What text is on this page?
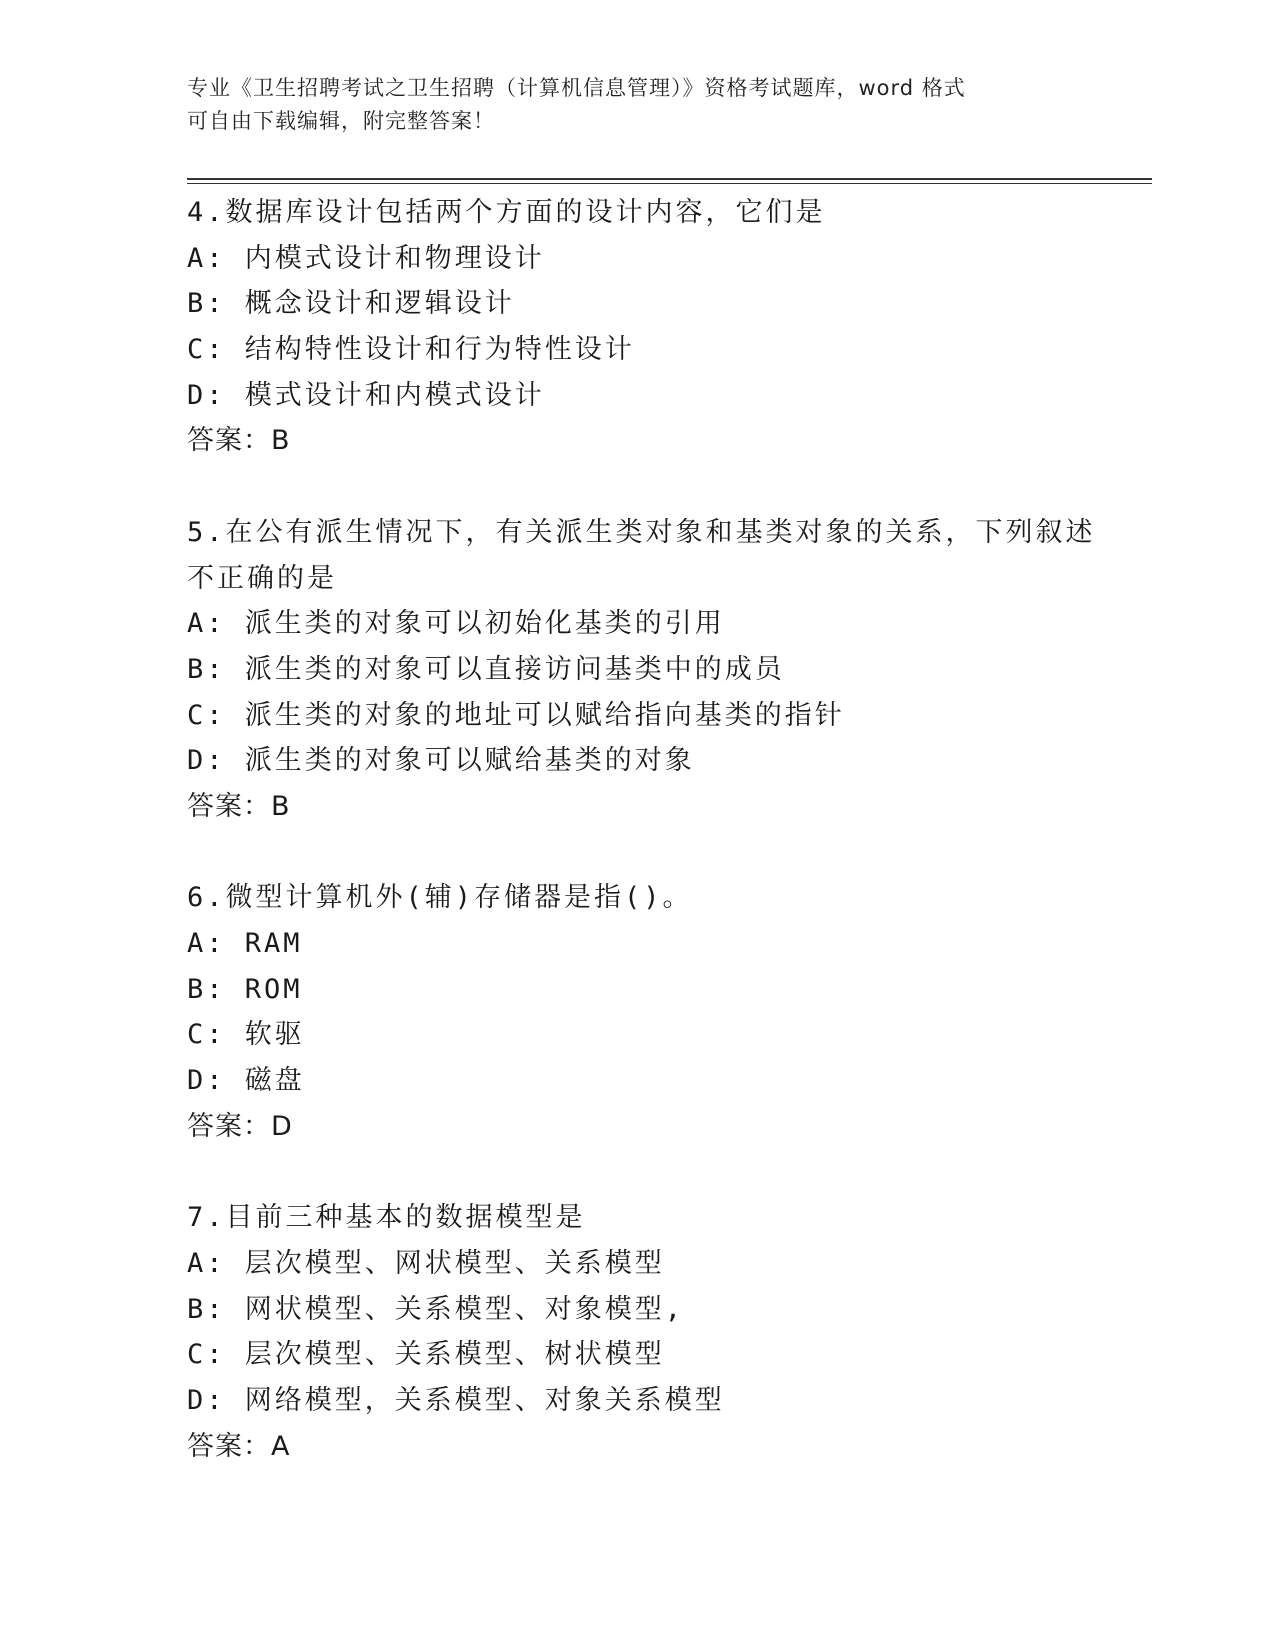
专业《卫生招聘考试之卫生招聘（计算机信息管理）》资格考试题库，word 格式
可自由下载编辑，附完整答案！
4.数据库设计包括两个方面的设计内容，它们是
A: 内模式设计和物理设计
B: 概念设计和逻辑设计
C: 结构特性设计和行为特性设计
D: 模式设计和内模式设计
答案：B
5.在公有派生情况下，有关派生类对象和基类对象的关系，下列叙述
不正确的是
A: 派生类的对象可以初始化基类的引用
B: 派生类的对象可以直接访问基类中的成员
C: 派生类的对象的地址可以赋给指向基类的指针
D: 派生类的对象可以赋给基类的对象
答案：B
6.微型计算机外(辅)存储器是指()。
A: RAM
B: ROM
C: 软驱
D: 磁盘
答案：D
7.目前三种基本的数据模型是
A: 层次模型、网状模型、关系模型
B: 网状模型、关系模型、对象模型,
C: 层次模型、关系模型、树状模型
D: 网络模型，关系模型、对象关系模型
答案：A
